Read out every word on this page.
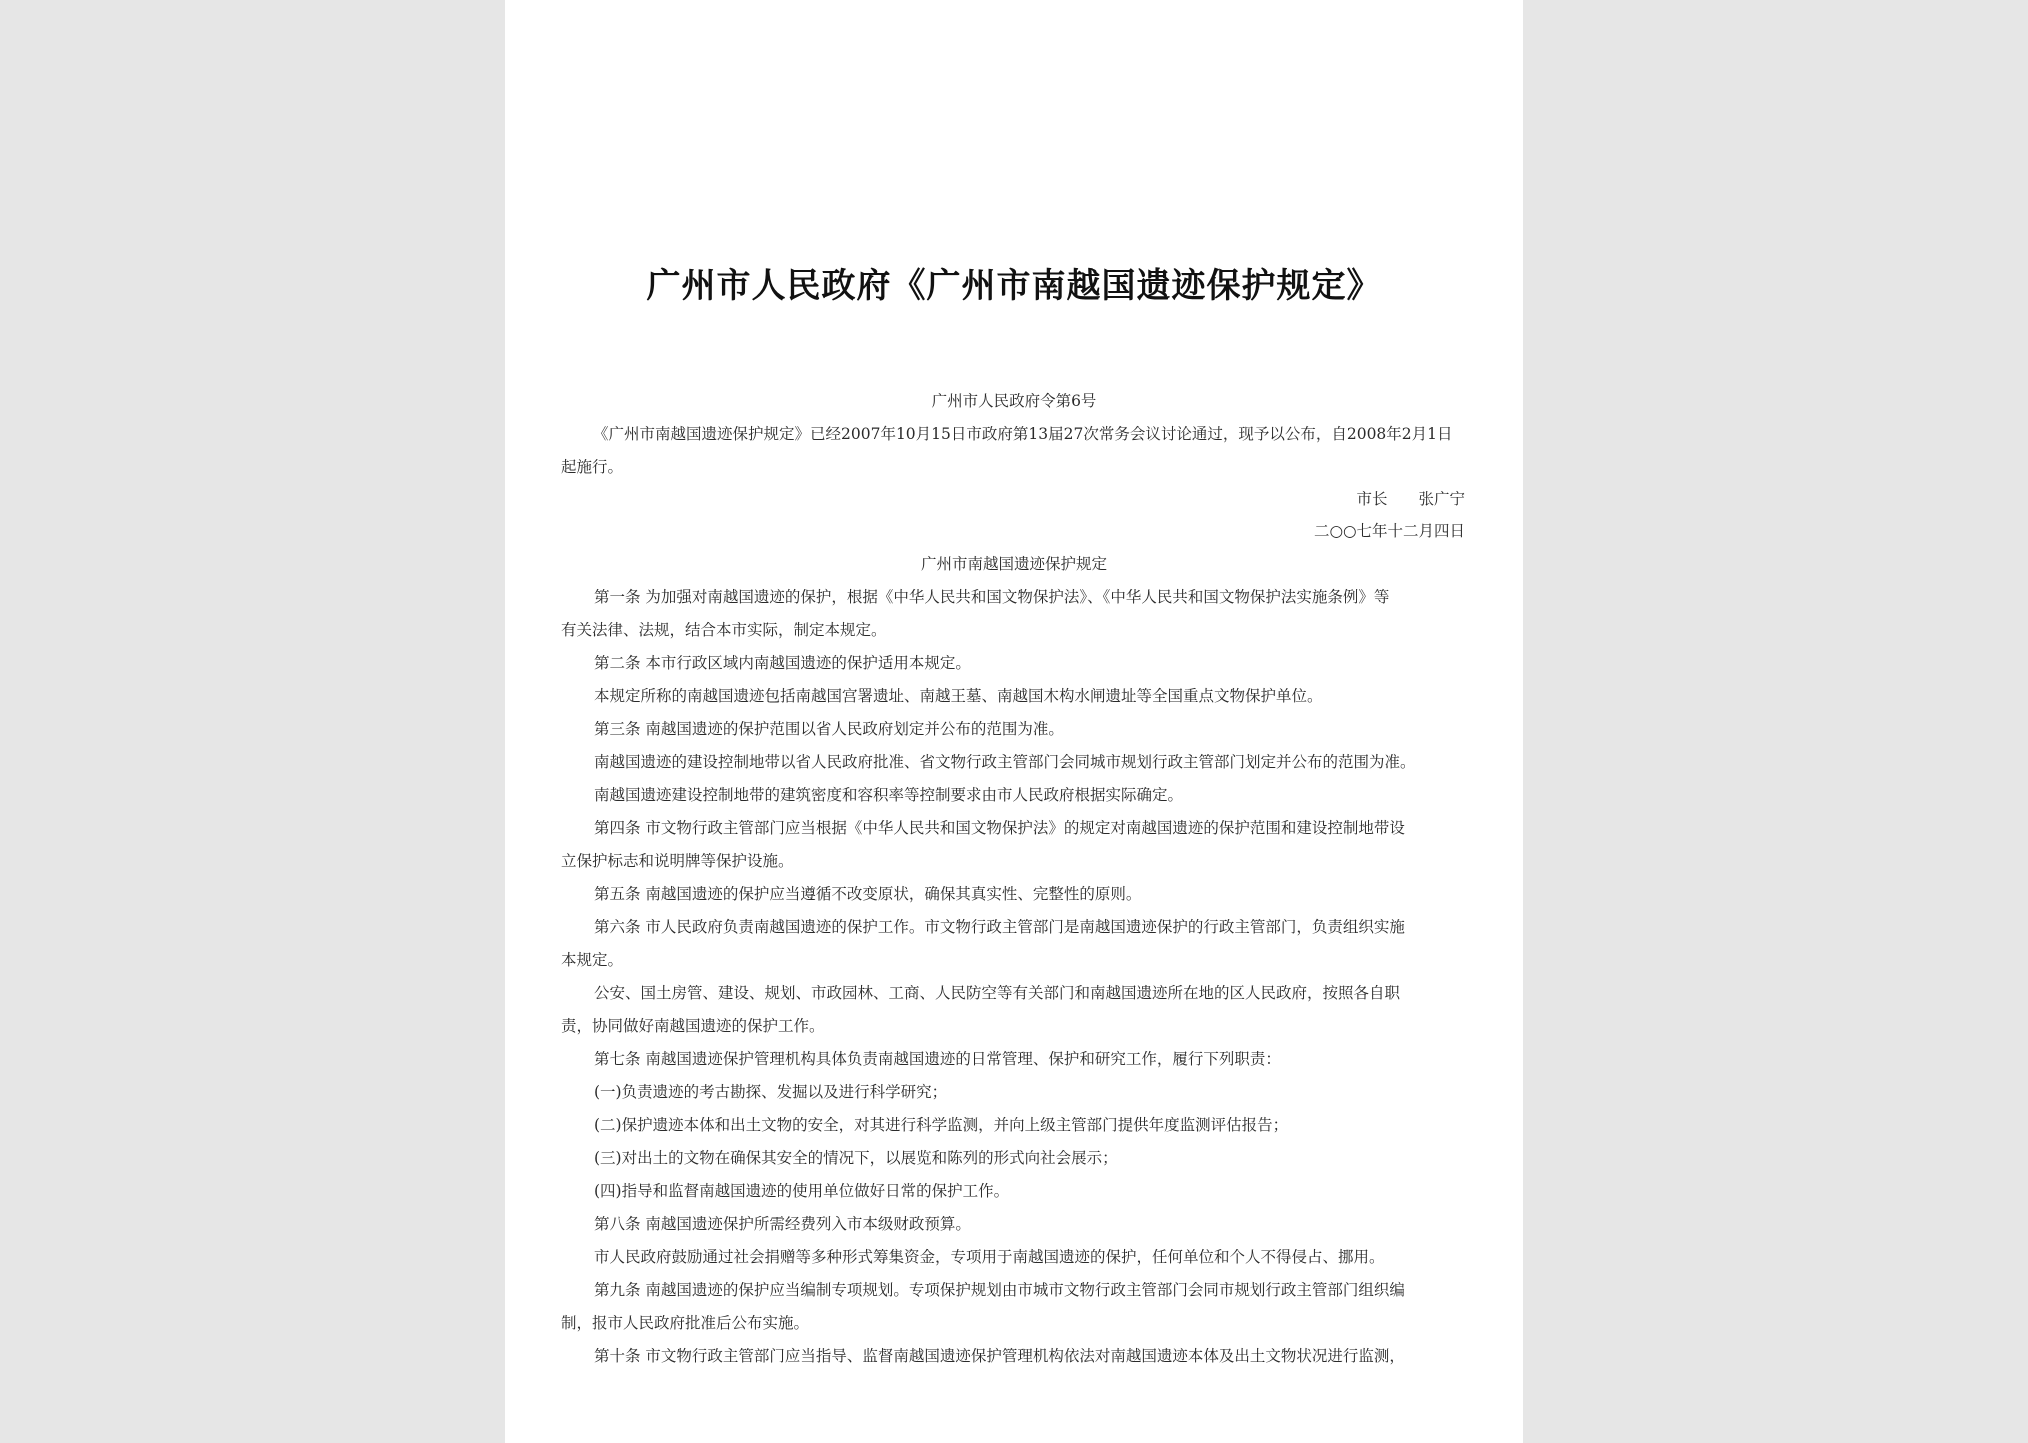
广州市人民政府《广州市南越国遗迹保护规定》
广州市人民政府令第6号
《广州市南越国遗迹保护规定》已经2007年10月15日市政府第13届27次常务会议讨论通过，现予以公布，自2008年2月1日
起施行。
市长　　张广宁
二○○七年十二月四日
广州市南越国遗迹保护规定
第一条 为加强对南越国遗迹的保护，根据《中华人民共和国文物保护法》、《中华人民共和国文物保护法实施条例》等
有关法律、法规，结合本市实际，制定本规定。
第二条 本市行政区域内南越国遗迹的保护适用本规定。
本规定所称的南越国遗迹包括南越国宫署遗址、南越王墓、南越国木构水闸遗址等全国重点文物保护单位。
第三条 南越国遗迹的保护范围以省人民政府划定并公布的范围为准。
南越国遗迹的建设控制地带以省人民政府批准、省文物行政主管部门会同城市规划行政主管部门划定并公布的范围为准。
南越国遗迹建设控制地带的建筑密度和容积率等控制要求由市人民政府根据实际确定。
第四条 市文物行政主管部门应当根据《中华人民共和国文物保护法》的规定对南越国遗迹的保护范围和建设控制地带设
立保护标志和说明牌等保护设施。
第五条 南越国遗迹的保护应当遵循不改变原状，确保其真实性、完整性的原则。
第六条 市人民政府负责南越国遗迹的保护工作。市文物行政主管部门是南越国遗迹保护的行政主管部门，负责组织实施
本规定。
公安、国土房管、建设、规划、市政园林、工商、人民防空等有关部门和南越国遗迹所在地的区人民政府，按照各自职
责，协同做好南越国遗迹的保护工作。
第七条 南越国遗迹保护管理机构具体负责南越国遗迹的日常管理、保护和研究工作，履行下列职责：
(一)负责遗迹的考古勘探、发掘以及进行科学研究；
(二)保护遗迹本体和出土文物的安全，对其进行科学监测，并向上级主管部门提供年度监测评估报告；
(三)对出土的文物在确保其安全的情况下，以展览和陈列的形式向社会展示；
(四)指导和监督南越国遗迹的使用单位做好日常的保护工作。
第八条 南越国遗迹保护所需经费列入市本级财政预算。
市人民政府鼓励通过社会捐赠等多种形式筹集资金，专项用于南越国遗迹的保护，任何单位和个人不得侵占、挪用。
第九条 南越国遗迹的保护应当编制专项规划。专项保护规划由市城市文物行政主管部门会同市规划行政主管部门组织编
制，报市人民政府批准后公布实施。
第十条 市文物行政主管部门应当指导、监督南越国遗迹保护管理机构依法对南越国遗迹本体及出土文物状况进行监测，
